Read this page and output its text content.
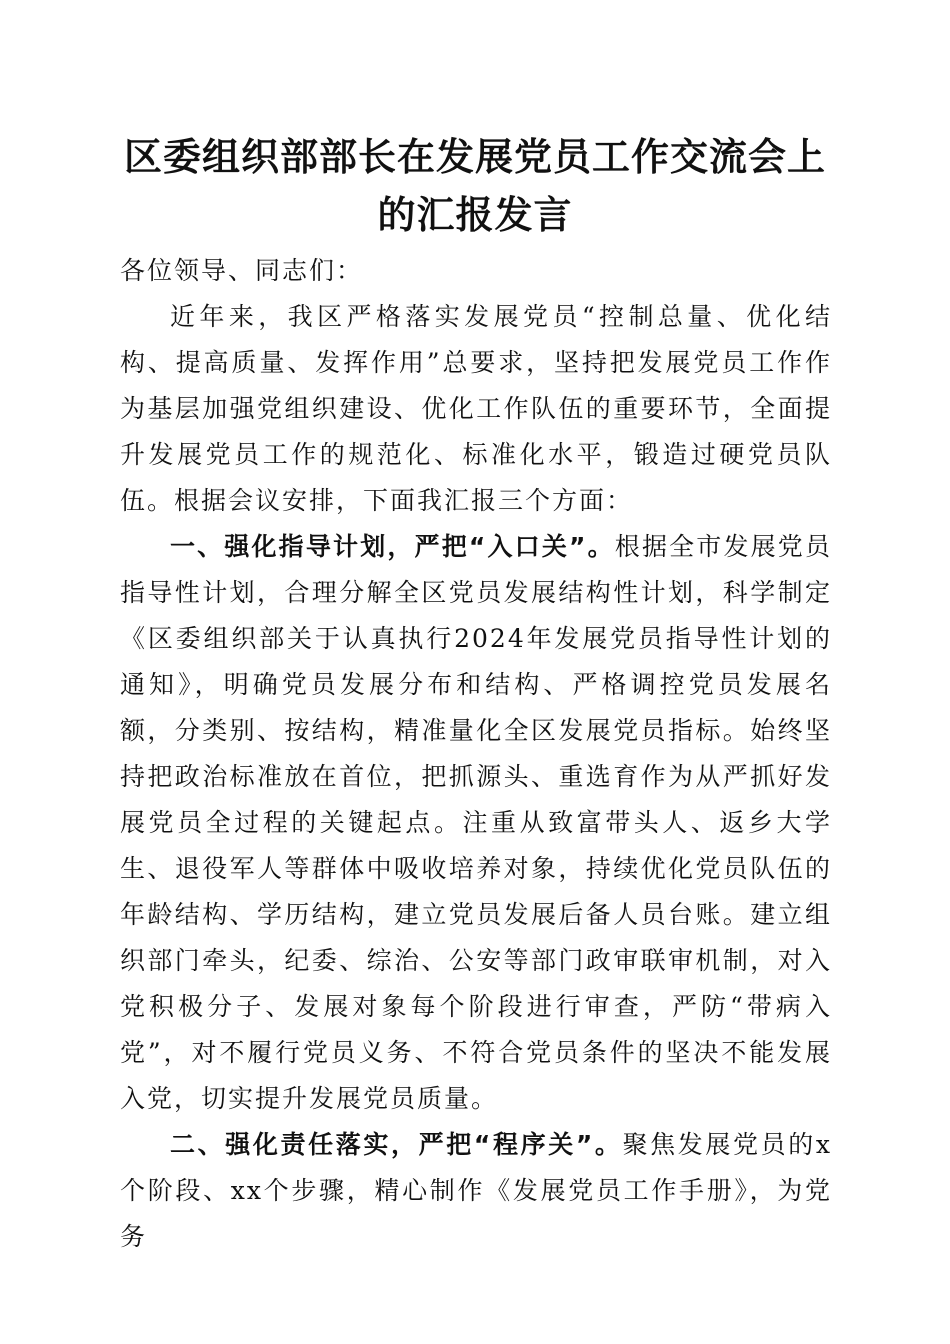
区委组织部部长在发展党员工作交流会上的汇报发言

各位领导、同志们：

近年来，我区严格落实发展党员“控制总量、优化结构、提高质量、发挥作用”总要求，坚持把发展党员工作作为基层加强党组织建设、优化工作队伍的重要环节，全面提升发展党员工作的规范化、标准化水平，锻造过硬党员队伍。根据会议安排，下面我汇报三个方面：

一、强化指导计划，严把“入口关”。根据全市发展党员指导性计划，合理分解全区党员发展结构性计划，科学制定《区委组织部关于认真执行2024年发展党员指导性计划的通知》，明确党员发展分布和结构、严格调控党员发展名额，分类别、按结构，精准量化全区发展党员指标。始终坚持把政治标准放在首位，把抓源头、重选育作为从严抓好发展党员全过程的关键起点。注重从致富带头人、返乡大学生、退役军人等群体中吸收培养对象，持续优化党员队伍的年龄结构、学历结构，建立党员发展后备人员台账。建立组织部门牵头，纪委、综治、公安等部门政审联审机制，对入党积极分子、发展对象每个阶段进行审查，严防“带病入党”，对不履行党员义务、不符合党员条件的坚决不能发展入党，切实提升发展党员质量。

二、强化责任落实，严把“程序关”。聚焦发展党员的x个阶段、xx个步骤，精心制作《发展党员工作手册》，为党务
